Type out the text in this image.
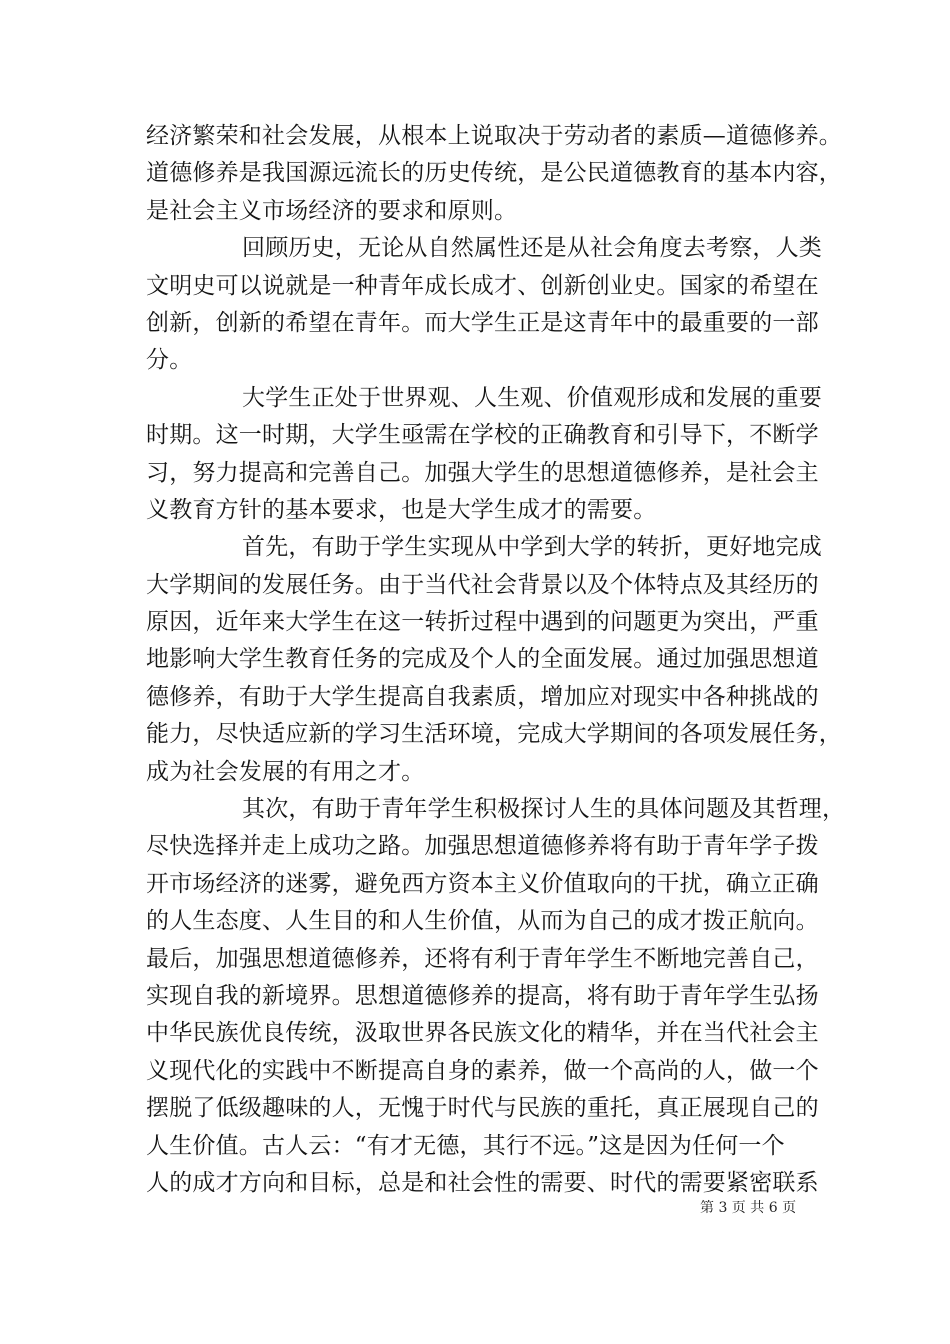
经济繁荣和社会发展，从根本上说取决于劳动者的素质—道德修养。
道德修养是我国源远流长的历史传统，是公民道德教育的基本内容，
是社会主义市场经济的要求和原则。
回顾历史，无论从自然属性还是从社会角度去考察，人类
文明史可以说就是一种青年成长成才、创新创业史。国家的希望在
创新，创新的希望在青年。而大学生正是这青年中的最重要的一部
分。
大学生正处于世界观、人生观、价值观形成和发展的重要
时期。这一时期，大学生亟需在学校的正确教育和引导下，不断学
习，努力提高和完善自己。加强大学生的思想道德修养，是社会主
义教育方针的基本要求，也是大学生成才的需要。
首先，有助于学生实现从中学到大学的转折，更好地完成
大学期间的发展任务。由于当代社会背景以及个体特点及其经历的
原因，近年来大学生在这一转折过程中遇到的问题更为突出，严重
地影响大学生教育任务的完成及个人的全面发展。通过加强思想道
德修养，有助于大学生提高自我素质，增加应对现实中各种挑战的
能力，尽快适应新的学习生活环境，完成大学期间的各项发展任务，
成为社会发展的有用之才。
其次，有助于青年学生积极探讨人生的具体问题及其哲理，
尽快选择并走上成功之路。加强思想道德修养将有助于青年学子拨
开市场经济的迷雾，避免西方资本主义价值取向的干扰，确立正确
的人生态度、人生目的和人生价值，从而为自己的成才拨正航向。
最后，加强思想道德修养，还将有利于青年学生不断地完善自己，
实现自我的新境界。思想道德修养的提高，将有助于青年学生弘扬
中华民族优良传统，汲取世界各民族文化的精华，并在当代社会主
义现代化的实践中不断提高自身的素养，做一个高尚的人，做一个
摆脱了低级趣味的人，无愧于时代与民族的重托，真正展现自己的
人生价值。古人云：“有才无德，其行不远。”这是因为任何一个
人的成才方向和目标，总是和社会性的需要、时代的需要紧密联系
第 3 页 共 6 页
